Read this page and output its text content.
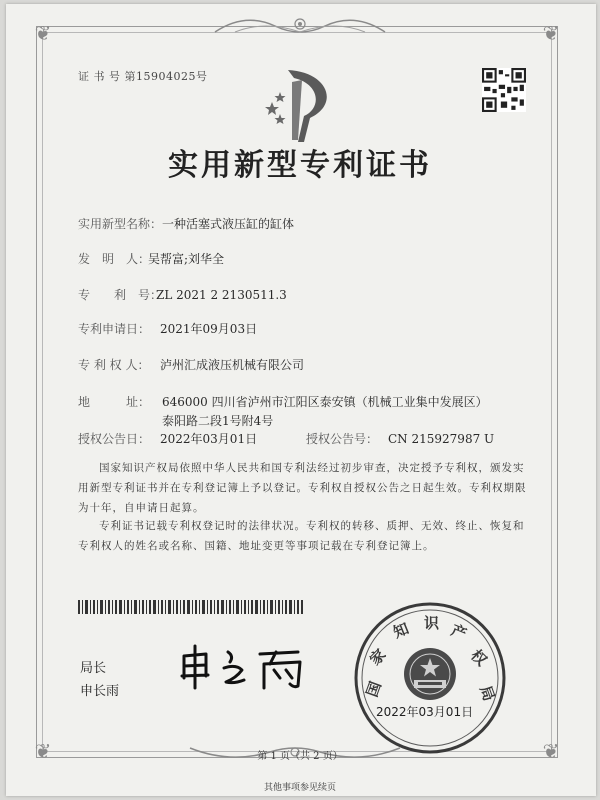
❦	❦
❦	❦
证 书 号 第15904025号
实用新型专利证书
实用新型名称：一种活塞式液压缸的缸体
发　明　人：吴帮富;刘华全
专　　利　号：ZL 2021 2 2130511.3
专利申请日： 2021年09月03日
专 利 权 人： 泸州汇成液压机械有限公司
地　　　址： 646000 四川省泸州市江阳区泰安镇（机械工业集中发展区）泰阳路二段1号附4号
授权公告日： 2022年03月01日	授权公告号： CN 215927987 U
国家知识产权局依照中华人民共和国专利法经过初步审查，决定授予专利权，颁发实用新型专利证书并在专利登记簿上予以登记。专利权自授权公告之日起生效。专利权期限为十年，自申请日起算。
专利证书记载专利权登记时的法律状况。专利权的转移、质押、无效、终止、恢复和专利权人的姓名或名称、国籍、地址变更等事项记载在专利登记簿上。
局长
申长雨	国
家
知 识 产
权
局
2022年03月01日
第 1 页（共 2 页）
其他事项参见续页
